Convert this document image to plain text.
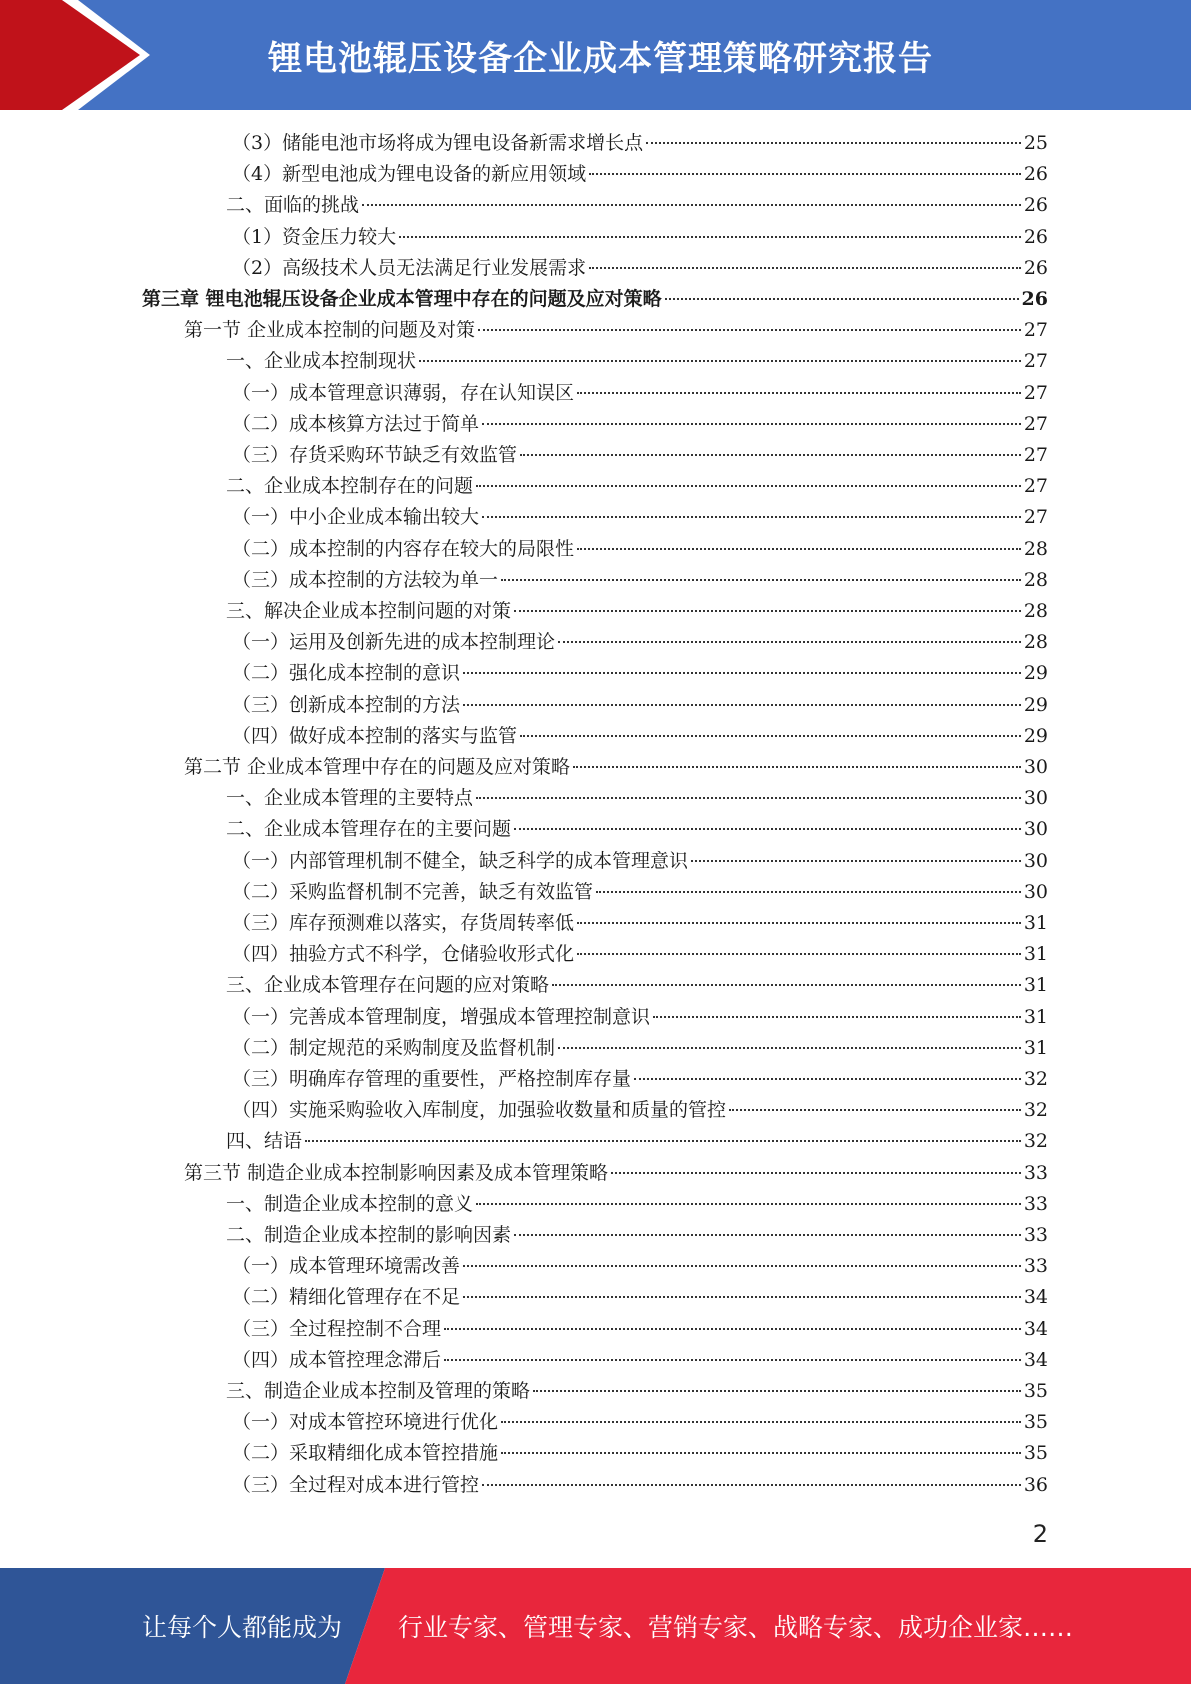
锂电池辊压设备企业成本管理策略研究报告
（3）储能电池市场将成为锂电设备新需求增长点	25
（4）新型电池成为锂电设备的新应用领域	26
二、面临的挑战	26
（1）资金压力较大	26
（2）高级技术人员无法满足行业发展需求	26
第三章 锂电池辊压设备企业成本管理中存在的问题及应对策略	26
第一节 企业成本控制的问题及对策	27
一、企业成本控制现状	27
（一）成本管理意识薄弱，存在认知误区	27
（二）成本核算方法过于简单	27
（三）存货采购环节缺乏有效监管	27
二、企业成本控制存在的问题	27
（一）中小企业成本输出较大	27
（二）成本控制的内容存在较大的局限性	28
（三）成本控制的方法较为单一	28
三、解决企业成本控制问题的对策	28
（一）运用及创新先进的成本控制理论	28
（二）强化成本控制的意识	29
（三）创新成本控制的方法	29
（四）做好成本控制的落实与监管	29
第二节 企业成本管理中存在的问题及应对策略	30
一、企业成本管理的主要特点	30
二、企业成本管理存在的主要问题	30
（一）内部管理机制不健全，缺乏科学的成本管理意识	30
（二）采购监督机制不完善，缺乏有效监管	30
（三）库存预测难以落实，存货周转率低	31
（四）抽验方式不科学，仓储验收形式化	31
三、企业成本管理存在问题的应对策略	31
（一）完善成本管理制度，增强成本管理控制意识	31
（二）制定规范的采购制度及监督机制	31
（三）明确库存管理的重要性，严格控制库存量	32
（四）实施采购验收入库制度，加强验收数量和质量的管控	32
四、结语	32
第三节 制造企业成本控制影响因素及成本管理策略	33
一、制造企业成本控制的意义	33
二、制造企业成本控制的影响因素	33
（一）成本管理环境需改善	33
（二）精细化管理存在不足	34
（三）全过程控制不合理	34
（四）成本管控理念滞后	34
三、制造企业成本控制及管理的策略	35
（一）对成本管控环境进行优化	35
（二）采取精细化成本管控措施	35
（三）全过程对成本进行管控	36
2
让每个人都能成为 行业专家、管理专家、营销专家、战略专家、成功企业家……
